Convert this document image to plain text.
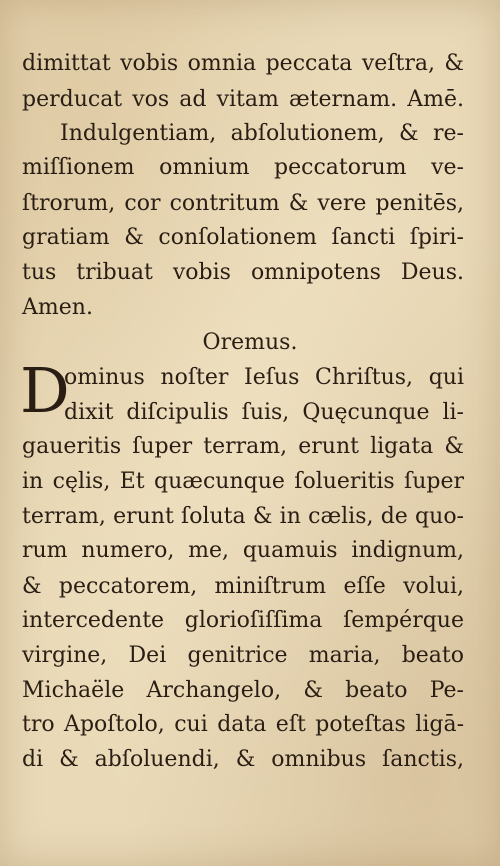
dimittat vobis omnia peccata veſtra, &
perducat vos ad vitam æternam. Amē.
Indulgentiam, abſolutionem, & re-
miſſionem omnium peccatorum ve-
ſtrorum, cor contritum & vere penitēs,
gratiam & conſolationem ſancti ſpiri-
tus tribuat vobis omnipotens Deus.
Amen.
Oremus.
D
ominus noſter Ieſus Chriſtus, qui
dixit diſcipulis ſuis, Quęcunque li-
gaueritis ſuper terram, erunt ligata &
in cęlis, Et quæcunque ſolueritis ſuper
terram, erunt ſoluta & in cælis, de quo-
rum numero, me, quamuis indignum,
& peccatorem, miniſtrum eſſe volui,
intercedente glorioſiſſima ſempérque
virgine, Dei genitrice maria, beato
Michaële Archangelo, & beato Pe-
tro Apoſtolo, cui data eſt poteſtas ligā-
di & abſoluendi, & omnibus ſanctis,
